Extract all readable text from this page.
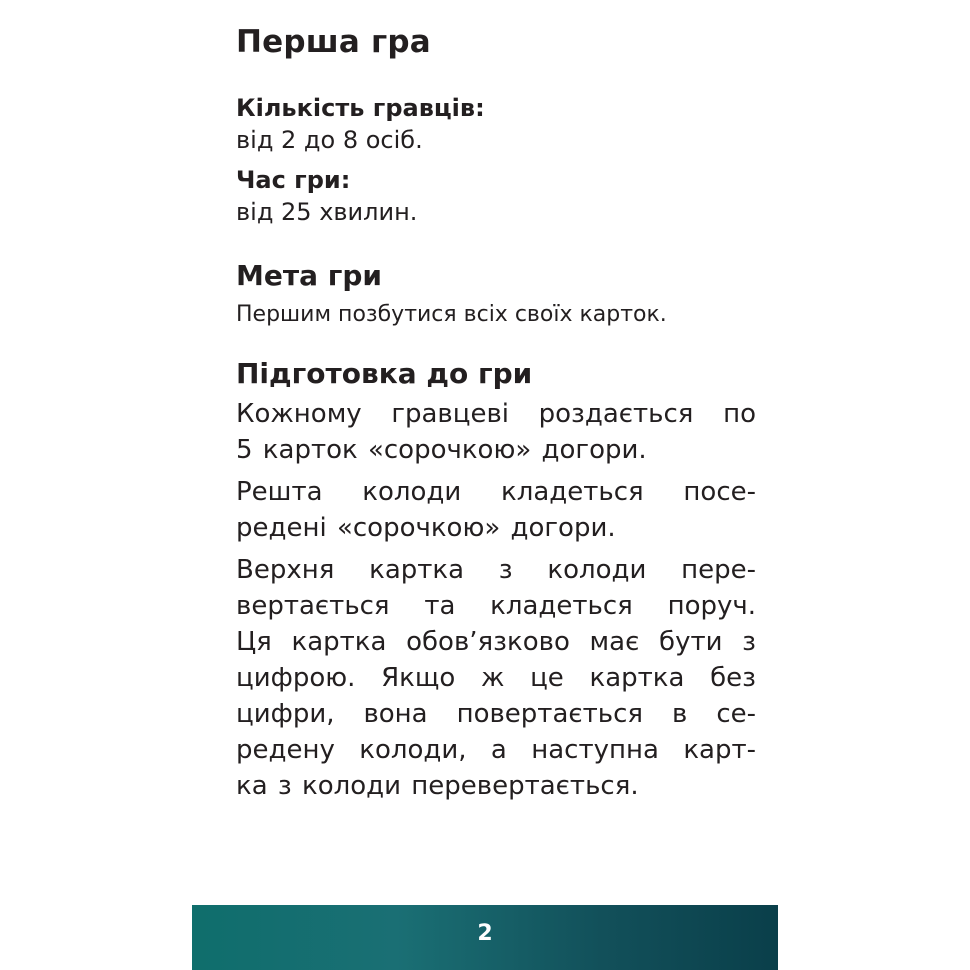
Перша гра

Кількість гравців:

від 2 до 8 осіб.

Час гри:

від 25 хвилин.

Мета гри

Першим позбутися всіх своїх карток.

Підготовка до гри
Кожному гравцеві роздається по
5 карток «сорочкою» догори.
Решта колоди кладеться посе-
редені «сорочкою» догори.
Верхня картка з колоди пере-
вертається та кладеться поруч.
Ця картка обов’язково має бути з
цифрою. Якщо ж це картка без
цифри, вона повертається в се-
редену колоди, а наступна карт-
ка з колоди перевертається.
2
